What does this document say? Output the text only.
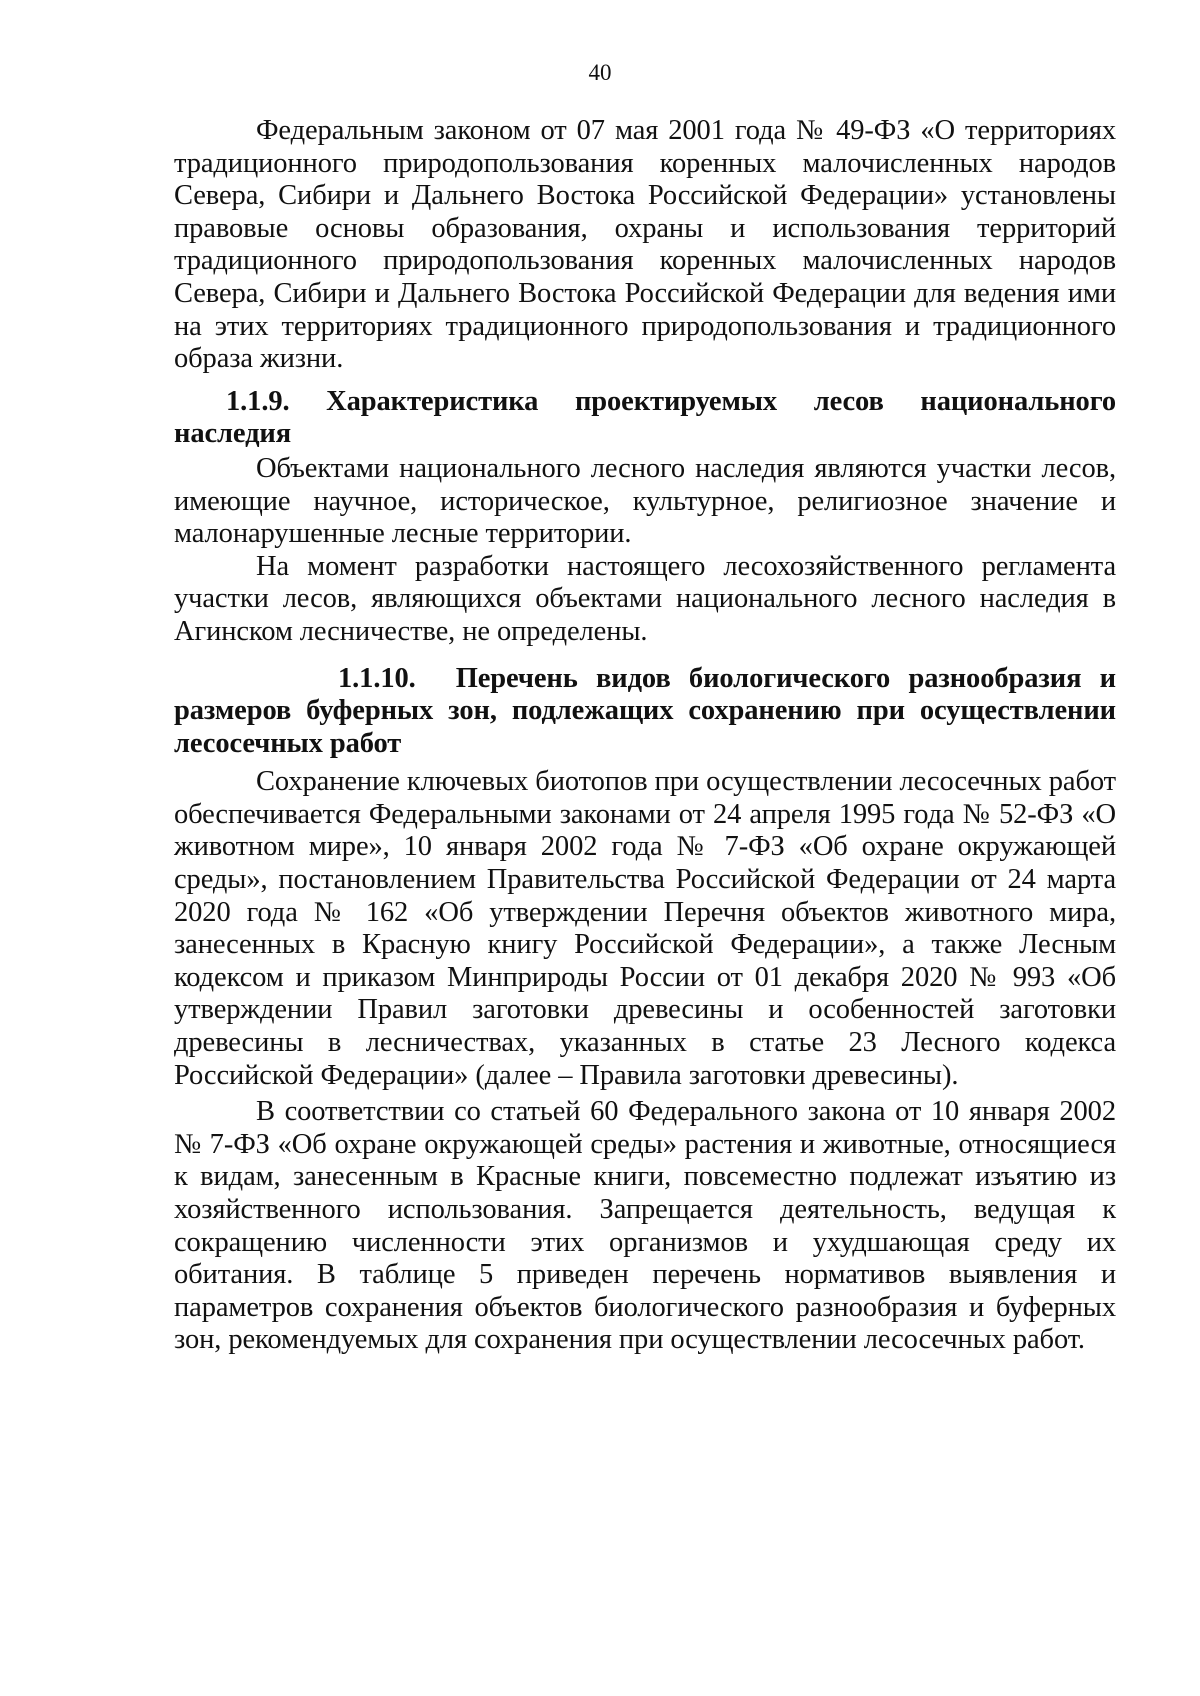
40

Федеральным законом от 07 мая 2001 года № 49-ФЗ «О территориях традиционного природопользования коренных малочисленных народов Севера, Сибири и Дальнего Востока Российской Федерации» установлены правовые основы образования, охраны и использования территорий традиционного природопользования коренных малочисленных народов Севера, Сибири и Дальнего Востока Российской Федерации для ведения ими на этих территориях традиционного природопользования и традиционного образа жизни.

1.1.9. Характеристика проектируемых лесов национального наследия

Объектами национального лесного наследия являются участки лесов, имеющие научное, историческое, культурное, религиозное значение и малонарушенные лесные территории.

На момент разработки настоящего лесохозяйственного регламента участки лесов, являющихся объектами национального лесного наследия в Агинском лесничестве, не определены.

1.1.10. Перечень видов биологического разнообразия и размеров буферных зон, подлежащих сохранению при осуществлении лесосечных работ

Сохранение ключевых биотопов при осуществлении лесосечных работ обеспечивается Федеральными законами от 24 апреля 1995 года № 52-ФЗ «О животном мире», 10 января 2002 года № 7-ФЗ «Об охране окружающей среды», постановлением Правительства Российской Федерации от 24 марта 2020 года № 162 «Об утверждении Перечня объектов животного мира, занесенных в Красную книгу Российской Федерации», а также Лесным кодексом и приказом Минприроды России от 01 декабря 2020 № 993 «Об утверждении Правил заготовки древесины и особенностей заготовки древесины в лесничествах, указанных в статье 23 Лесного кодекса Российской Федерации» (далее – Правила заготовки древесины).

В соответствии со статьей 60 Федерального закона от 10 января 2002 № 7-ФЗ «Об охране окружающей среды» растения и животные, относящиеся к видам, занесенным в Красные книги, повсеместно подлежат изъятию из хозяйственного использования. Запрещается деятельность, ведущая к сокращению численности этих организмов и ухудшающая среду их обитания. В таблице 5 приведен перечень нормативов выявления и параметров сохранения объектов биологического разнообразия и буферных зон, рекомендуемых для сохранения при осуществлении лесосечных работ.
